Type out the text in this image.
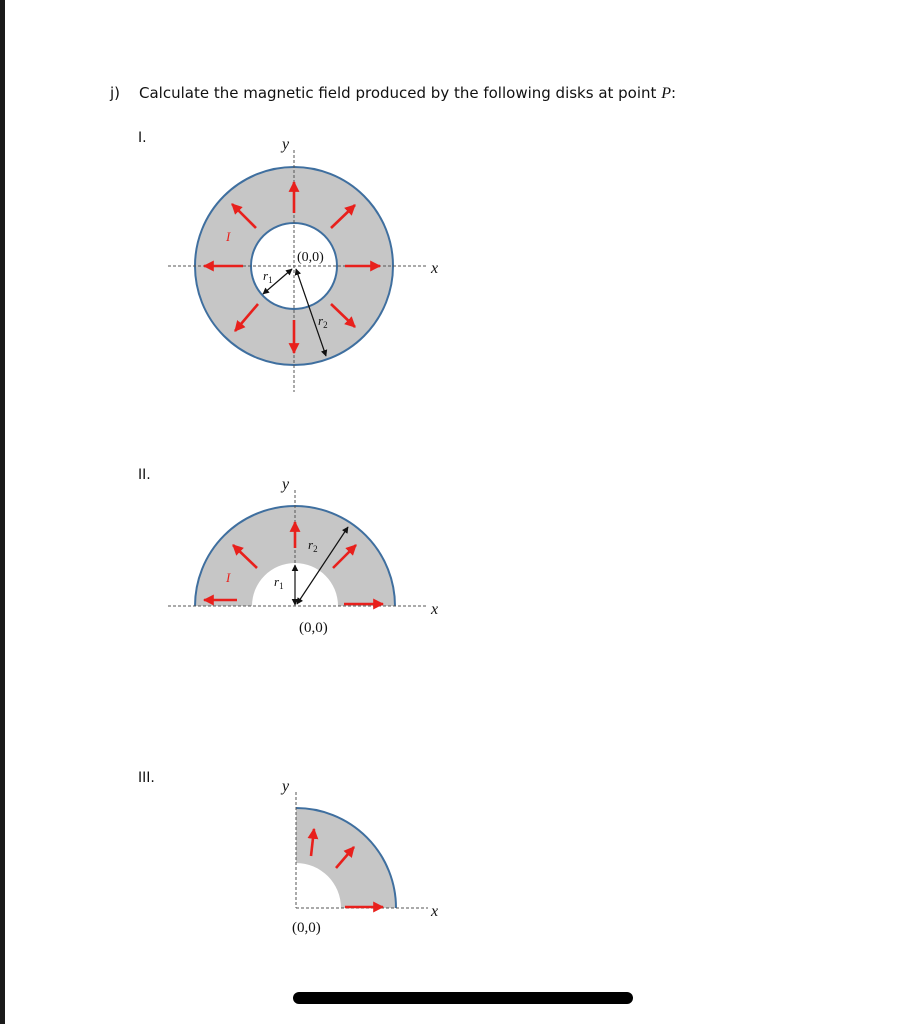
j) Calculate the magnetic field produced by the following disks at point P:
I.
II.
III.
y
x
(0,0)
I
$r_1$
$r_2$
y
x
(0,0)
I	$r_1$
$r_2$
y
x
(0,0)
